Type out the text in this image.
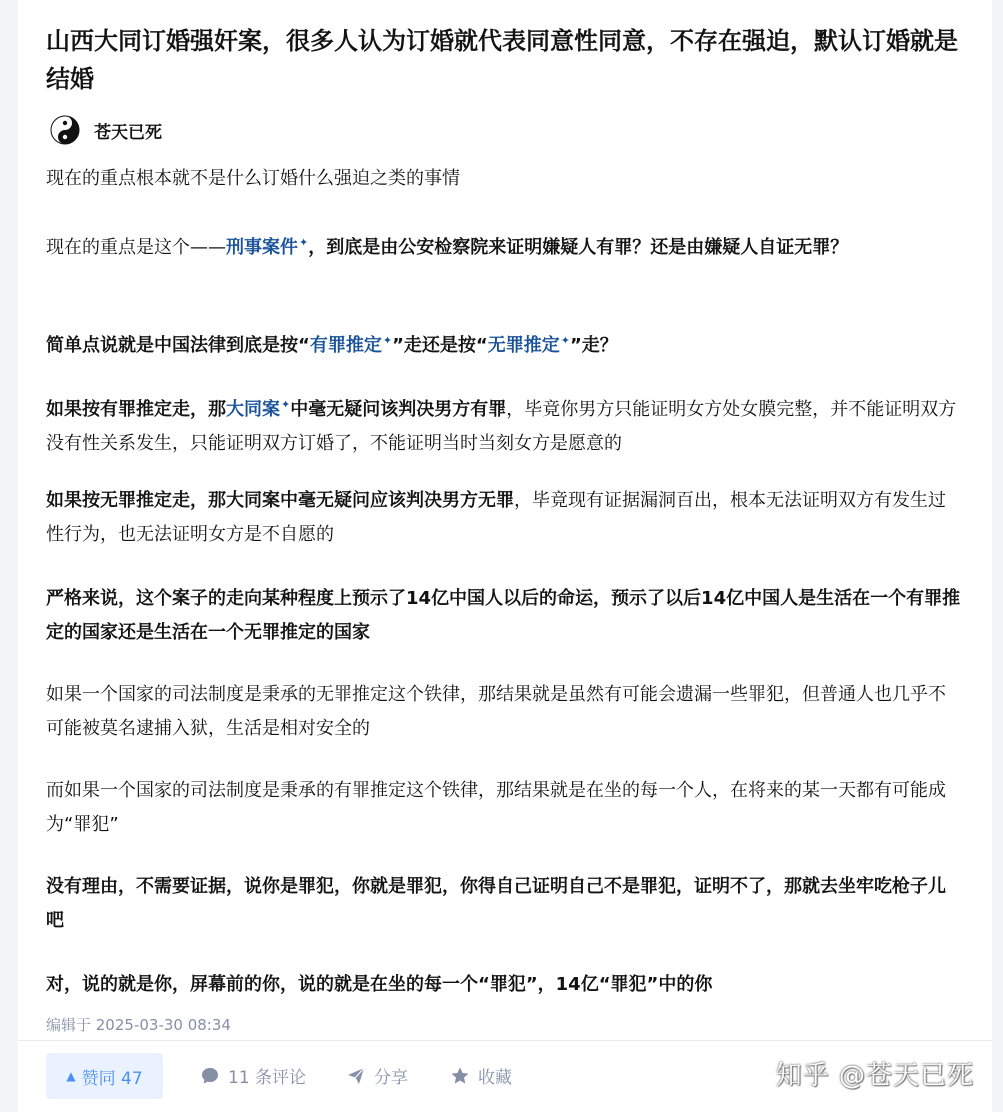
山西大同订婚强奸案，很多人认为订婚就代表同意性同意，不存在强迫，默认订婚就是结婚
苍天已死

现在的重点根本就不是什么订婚什么强迫之类的事情

现在的重点是这个——刑事案件✦，到底是由公安检察院来证明嫌疑人有罪？还是由嫌疑人自证无罪？

简单点说就是中国法律到底是按“有罪推定✦”走还是按“无罪推定✦”走？

如果按有罪推定走，那大同案✦中毫无疑问该判决男方有罪，毕竟你男方只能证明女方处女膜完整，并不能证明双方没有性关系发生，只能证明双方订婚了，不能证明当时当刻女方是愿意的

如果按无罪推定走，那大同案中毫无疑问应该判决男方无罪，毕竟现有证据漏洞百出，根本无法证明双方有发生过性行为，也无法证明女方是不自愿的

严格来说，这个案子的走向某种程度上预示了14亿中国人以后的命运，预示了以后14亿中国人是生活在一个有罪推定的国家还是生活在一个无罪推定的国家

如果一个国家的司法制度是秉承的无罪推定这个铁律，那结果就是虽然有可能会遗漏一些罪犯，但普通人也几乎不可能被莫名逮捕入狱，生活是相对安全的

而如果一个国家的司法制度是秉承的有罪推定这个铁律，那结果就是在坐的每一个人，在将来的某一天都有可能成为“罪犯”

没有理由，不需要证据，说你是罪犯，你就是罪犯，你得自己证明自己不是罪犯，证明不了，那就去坐牢吃枪子儿吧

对，说的就是你，屏幕前的你，说的就是在坐的每一个“罪犯”，14亿“罪犯”中的你

编辑于 2025-03-30 08:34
▲ 赞同 47	11 条评论	分享	收藏	知乎 @苍天已死
